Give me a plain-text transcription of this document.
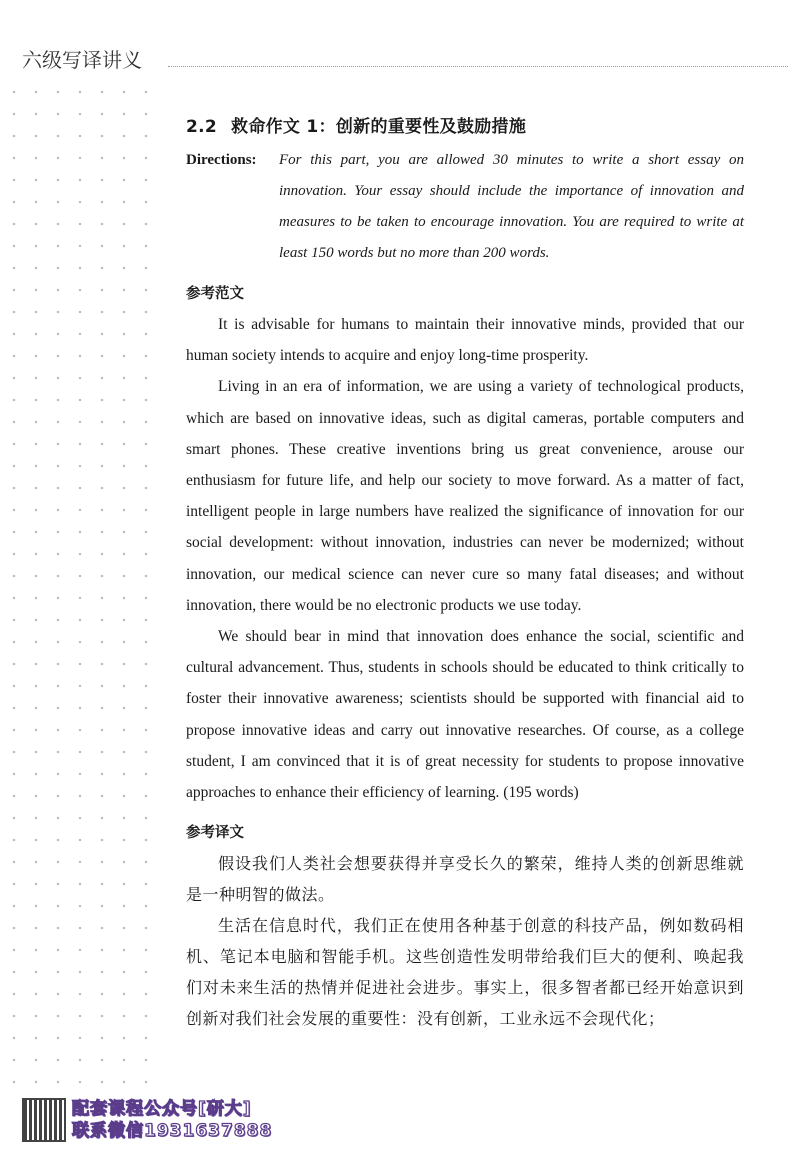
六级写译讲义
2.2 救命作文 1：创新的重要性及鼓励措施
Directions:	For this part, you are allowed 30 minutes to write a short essay on innovation. Your essay should include the importance of innovation and measures to be taken to encourage innovation. You are required to write at least 150 words but no more than 200 words.
参考范文

It is advisable for humans to maintain their innovative minds, provided that our human society intends to acquire and enjoy long-time prosperity.

Living in an era of information, we are using a variety of technological products, which are based on innovative ideas, such as digital cameras, portable computers and smart phones. These creative inventions bring us great convenience, arouse our enthusiasm for future life, and help our society to move forward. As a matter of fact, intelligent people in large numbers have realized the significance of innovation for our social development: without innovation, industries can never be modernized; without innovation, our medical science can never cure so many fatal diseases; and without innovation, there would be no electronic products we use today.

We should bear in mind that innovation does enhance the social, scientific and cultural advancement. Thus, students in schools should be educated to think critically to foster their innovative awareness; scientists should be supported with financial aid to propose innovative ideas and carry out innovative researches. Of course, as a college student, I am convinced that it is of great necessity for students to propose innovative approaches to enhance their efficiency of learning. (195 words)

参考译文

假设我们人类社会想要获得并享受长久的繁荣，维持人类的创新思维就是一种明智的做法。

生活在信息时代，我们正在使用各种基于创意的科技产品，例如数码相机、笔记本电脑和智能手机。这些创造性发明带给我们巨大的便利、唤起我们对未来生活的热情并促进社会进步。事实上，很多智者都已经开始意识到创新对我们社会发展的重要性：没有创新，工业永远不会现代化；

配套课程公众号[研大]
联系微信1931637888
